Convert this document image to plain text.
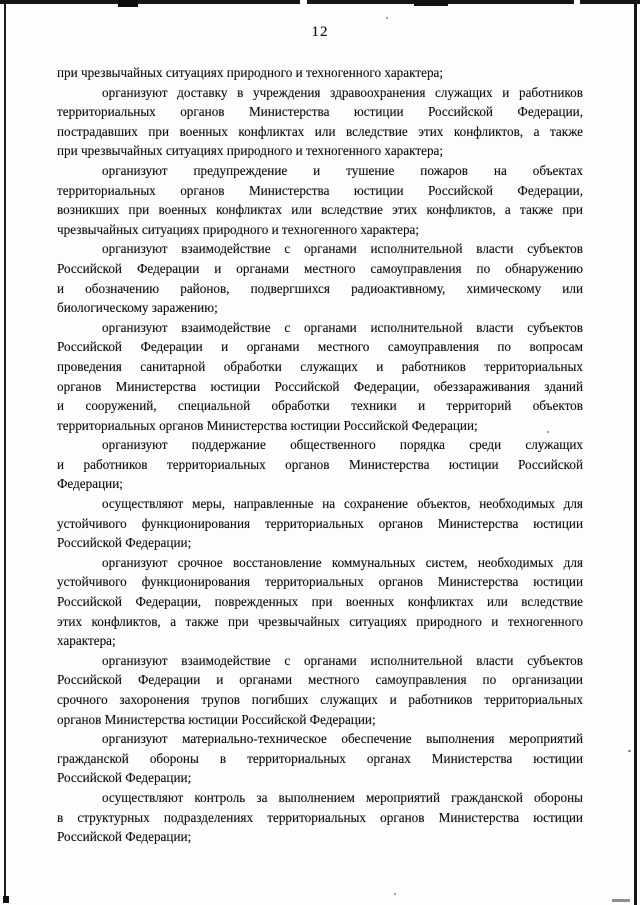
12
при чрезвычайных ситуациях природного и техногенного характера;
организуют доставку в учреждения здравоохранения служащих и работников
территориальных органов Министерства юстиции Российской Федерации,
пострадавших при военных конфликтах или вследствие этих конфликтов, а также
при чрезвычайных ситуациях природного и техногенного характера;
организуют предупреждение и тушение пожаров на объектах
территориальных органов Министерства юстиции Российской Федерации,
возникших при военных конфликтах или вследствие этих конфликтов, а также при
чрезвычайных ситуациях природного и техногенного характера;
организуют взаимодействие с органами исполнительной власти субъектов
Российской Федерации и органами местного самоуправления по обнаружению
и обозначению районов, подвергшихся радиоактивному, химическому или
биологическому заражению;
организуют взаимодействие с органами исполнительной власти субъектов
Российской Федерации и органами местного самоуправления по вопросам
проведения санитарной обработки служащих и работников территориальных
органов Министерства юстиции Российской Федерации, обеззараживания зданий
и сооружений, специальной обработки техники и территорий объектов
территориальных органов Министерства юстиции Российской Федерации;
организуют поддержание общественного порядка среди служащих
и работников территориальных органов Министерства юстиции Российской
Федерации;
осуществляют меры, направленные на сохранение объектов, необходимых для
устойчивого функционирования территориальных органов Министерства юстиции
Российской Федерации;
организуют срочное восстановление коммунальных систем, необходимых для
устойчивого функционирования территориальных органов Министерства юстиции
Российской Федерации, поврежденных при военных конфликтах или вследствие
этих конфликтов, а также при чрезвычайных ситуациях природного и техногенного
характера;
организуют взаимодействие с органами исполнительной власти субъектов
Российской Федерации и органами местного самоуправления по организации
срочного захоронения трупов погибших служащих и работников территориальных
органов Министерства юстиции Российской Федерации;
организуют материально-техническое обеспечение выполнения мероприятий
гражданской обороны в территориальных органах Министерства юстиции
Российской Федерации;
осуществляют контроль за выполнением мероприятий гражданской обороны
в структурных подразделениях территориальных органов Министерства юстиции
Российской Федерации;
